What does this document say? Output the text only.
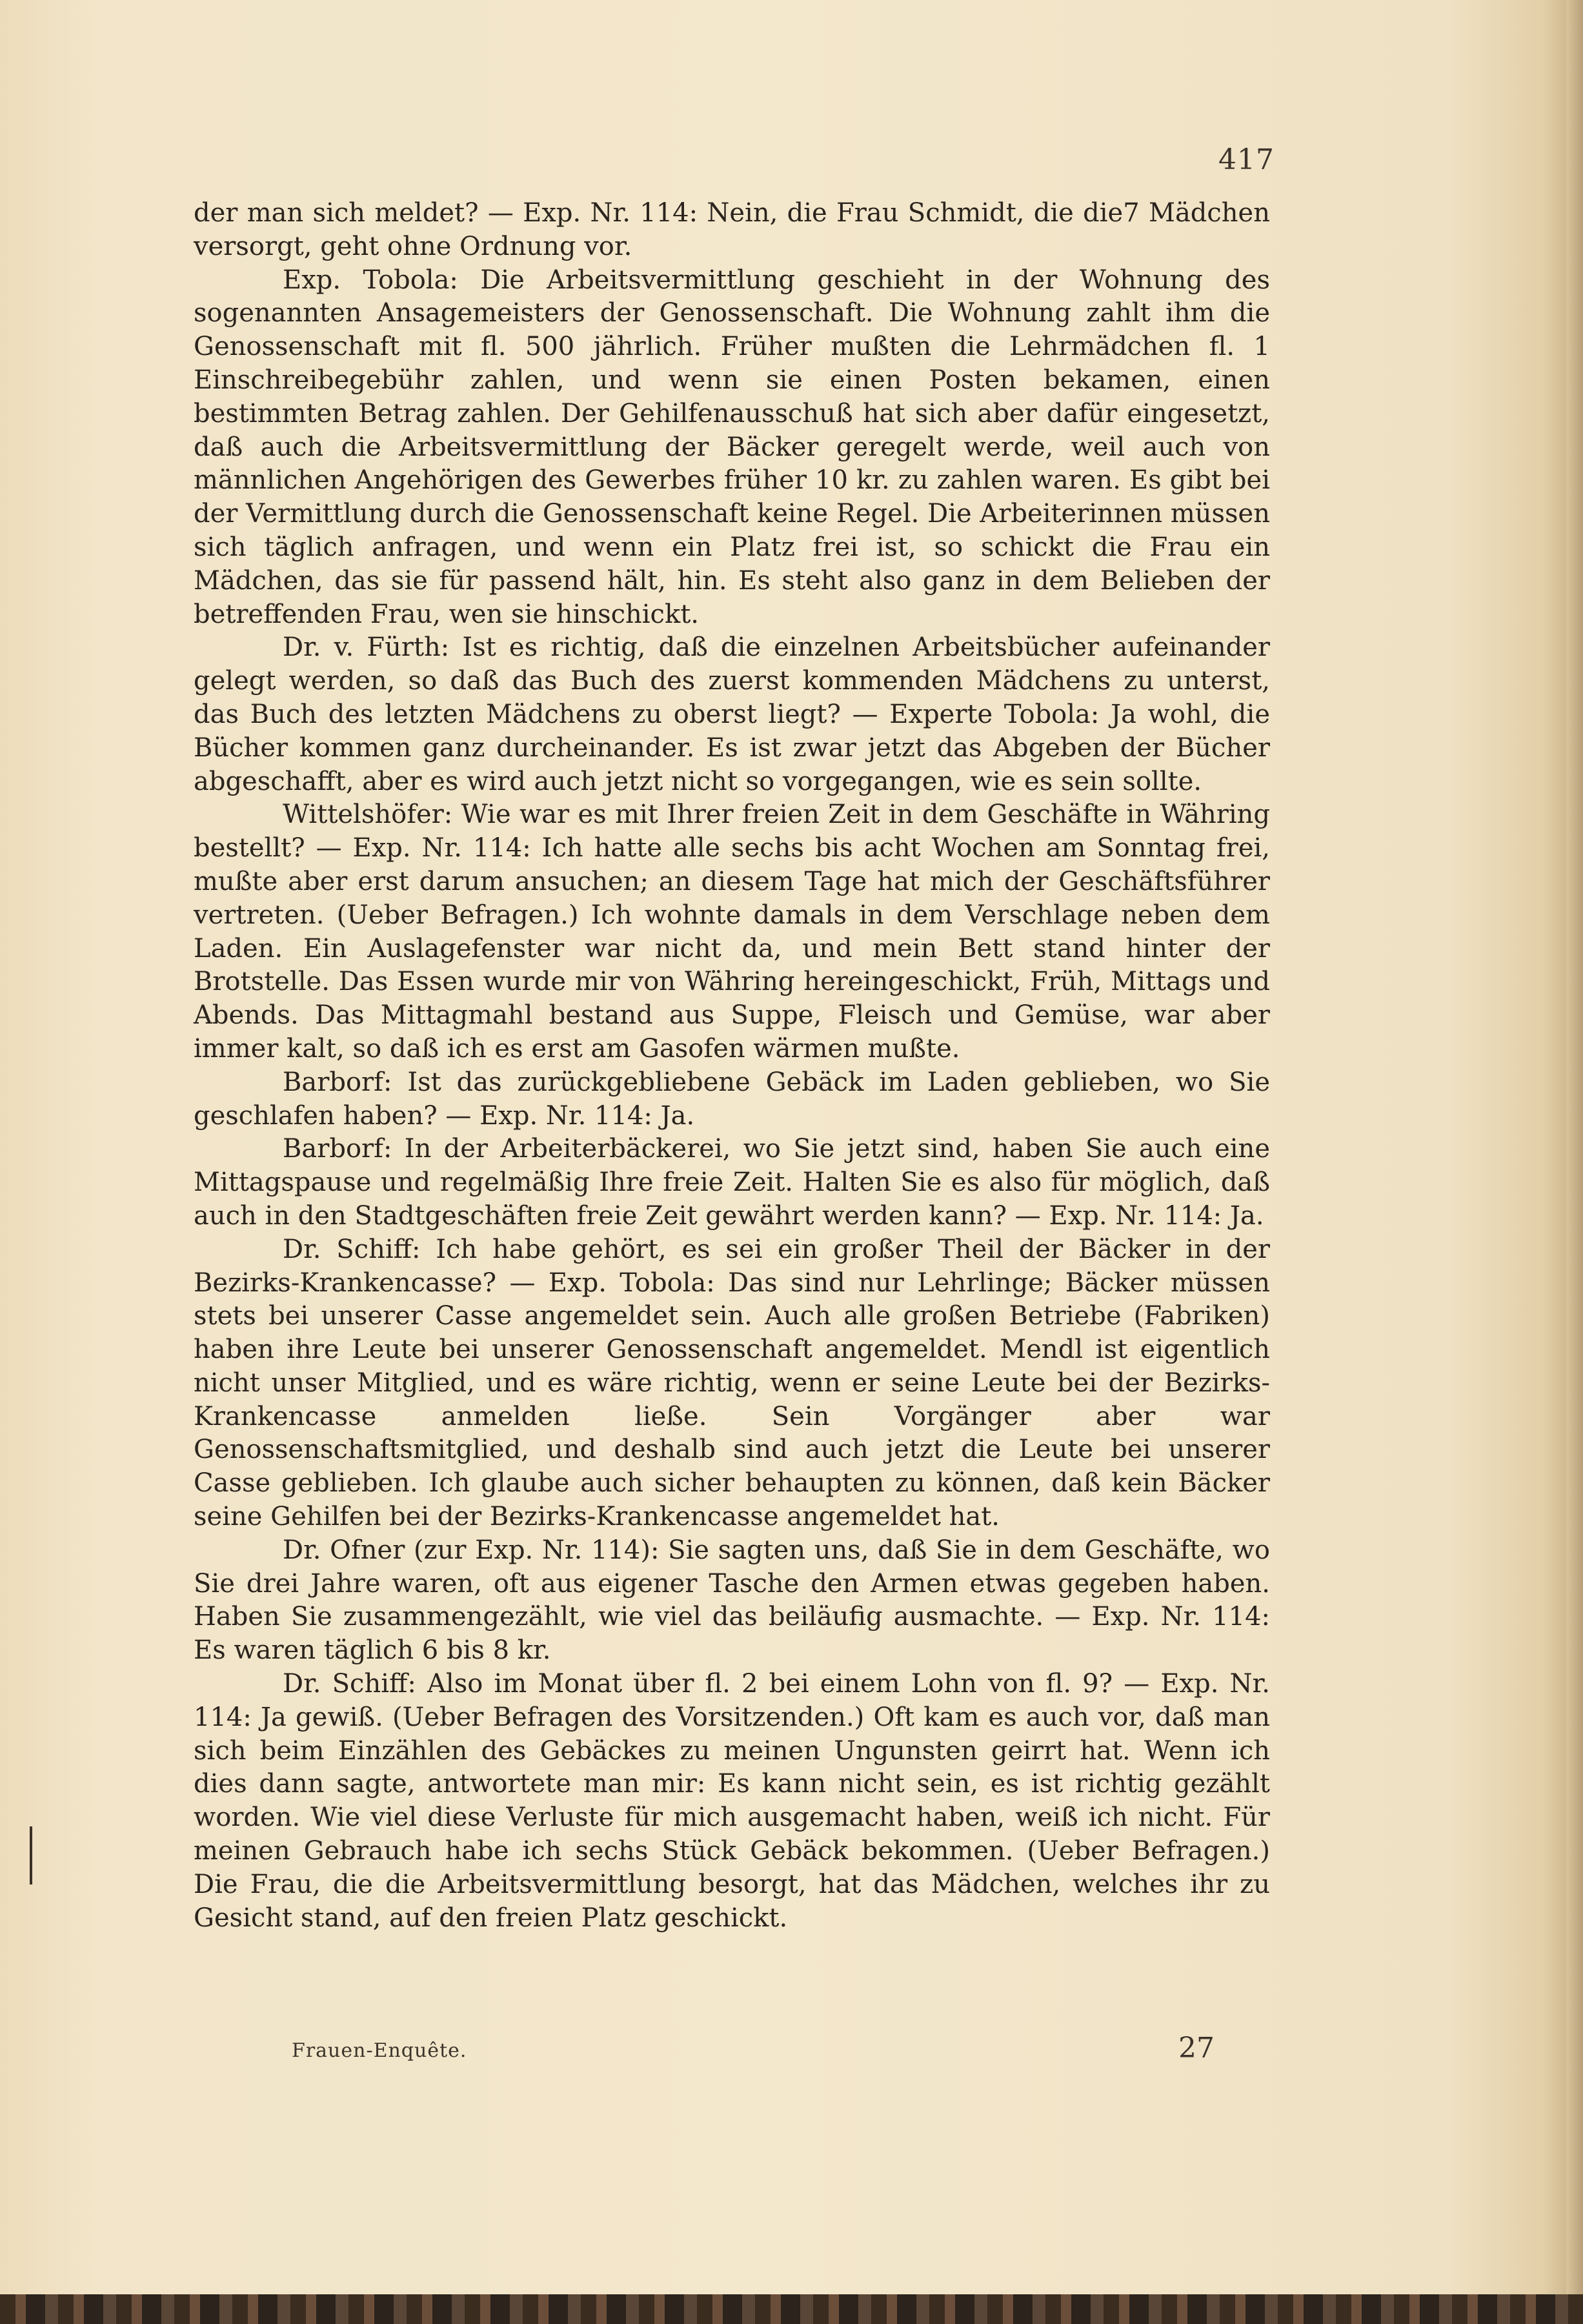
417

der man sich meldet? — Exp. Nr. 114: Nein, die Frau Schmidt, die die7 Mädchen versorgt, geht ohne Ordnung vor.

Exp. Tobola: Die Arbeitsvermittlung geschieht in der Wohnung des sogenannten Ansagemeisters der Genossenschaft. Die Wohnung zahlt ihm die Genossenschaft mit fl. 500 jährlich. Früher mußten die Lehrmädchen fl. 1 Einschreibegebühr zahlen, und wenn sie einen Posten bekamen, einen bestimmten Betrag zahlen. Der Gehilfenausschuß hat sich aber dafür eingesetzt, daß auch die Arbeitsvermittlung der Bäcker geregelt werde, weil auch von männlichen Angehörigen des Gewerbes früher 10 kr. zu zahlen waren. Es gibt bei der Vermittlung durch die Genossenschaft keine Regel. Die Arbeiterinnen müssen sich täglich anfragen, und wenn ein Platz frei ist, so schickt die Frau ein Mädchen, das sie für passend hält, hin. Es steht also ganz in dem Belieben der betreffenden Frau, wen sie hinschickt.

Dr. v. Fürth: Ist es richtig, daß die einzelnen Arbeitsbücher aufeinander gelegt werden, so daß das Buch des zuerst kommenden Mädchens zu unterst, das Buch des letzten Mädchens zu oberst liegt? — Experte Tobola: Ja wohl, die Bücher kommen ganz durcheinander. Es ist zwar jetzt das Abgeben der Bücher abgeschafft, aber es wird auch jetzt nicht so vorgegangen, wie es sein sollte.

Wittelshöfer: Wie war es mit Ihrer freien Zeit in dem Geschäfte in Währing bestellt? — Exp. Nr. 114: Ich hatte alle sechs bis acht Wochen am Sonntag frei, mußte aber erst darum ansuchen; an diesem Tage hat mich der Geschäftsführer vertreten. (Ueber Befragen.) Ich wohnte damals in dem Verschlage neben dem Laden. Ein Auslagefenster war nicht da, und mein Bett stand hinter der Brotstelle. Das Essen wurde mir von Währing hereingeschickt, Früh, Mittags und Abends. Das Mittagmahl bestand aus Suppe, Fleisch und Gemüse, war aber immer kalt, so daß ich es erst am Gasofen wärmen mußte.

Barborf: Ist das zurückgebliebene Gebäck im Laden geblieben, wo Sie geschlafen haben? — Exp. Nr. 114: Ja.

Barborf: In der Arbeiterbäckerei, wo Sie jetzt sind, haben Sie auch eine Mittagspause und regelmäßig Ihre freie Zeit. Halten Sie es also für möglich, daß auch in den Stadtgeschäften freie Zeit gewährt werden kann? — Exp. Nr. 114: Ja.

Dr. Schiff: Ich habe gehört, es sei ein großer Theil der Bäcker in der Bezirks-Krankencasse? — Exp. Tobola: Das sind nur Lehrlinge; Bäcker müssen stets bei unserer Casse angemeldet sein. Auch alle großen Betriebe (Fabriken) haben ihre Leute bei unserer Genossenschaft angemeldet. Mendl ist eigentlich nicht unser Mitglied, und es wäre richtig, wenn er seine Leute bei der Bezirks-Krankencasse anmelden ließe. Sein Vorgänger aber war Genossenschaftsmitglied, und deshalb sind auch jetzt die Leute bei unserer Casse geblieben. Ich glaube auch sicher behaupten zu können, daß kein Bäcker seine Gehilfen bei der Bezirks-Krankencasse angemeldet hat.

Dr. Ofner (zur Exp. Nr. 114): Sie sagten uns, daß Sie in dem Geschäfte, wo Sie drei Jahre waren, oft aus eigener Tasche den Armen etwas gegeben haben. Haben Sie zusammengezählt, wie viel das beiläufig ausmachte. — Exp. Nr. 114: Es waren täglich 6 bis 8 kr.

Dr. Schiff: Also im Monat über fl. 2 bei einem Lohn von fl. 9? — Exp. Nr. 114: Ja gewiß. (Ueber Befragen des Vorsitzenden.) Oft kam es auch vor, daß man sich beim Einzählen des Gebäckes zu meinen Ungunsten geirrt hat. Wenn ich dies dann sagte, antwortete man mir: Es kann nicht sein, es ist richtig gezählt worden. Wie viel diese Verluste für mich ausgemacht haben, weiß ich nicht. Für meinen Gebrauch habe ich sechs Stück Gebäck bekommen. (Ueber Befragen.) Die Frau, die die Arbeitsvermittlung besorgt, hat das Mädchen, welches ihr zu Gesicht stand, auf den freien Platz geschickt.

Frauen-Enquête.	27
